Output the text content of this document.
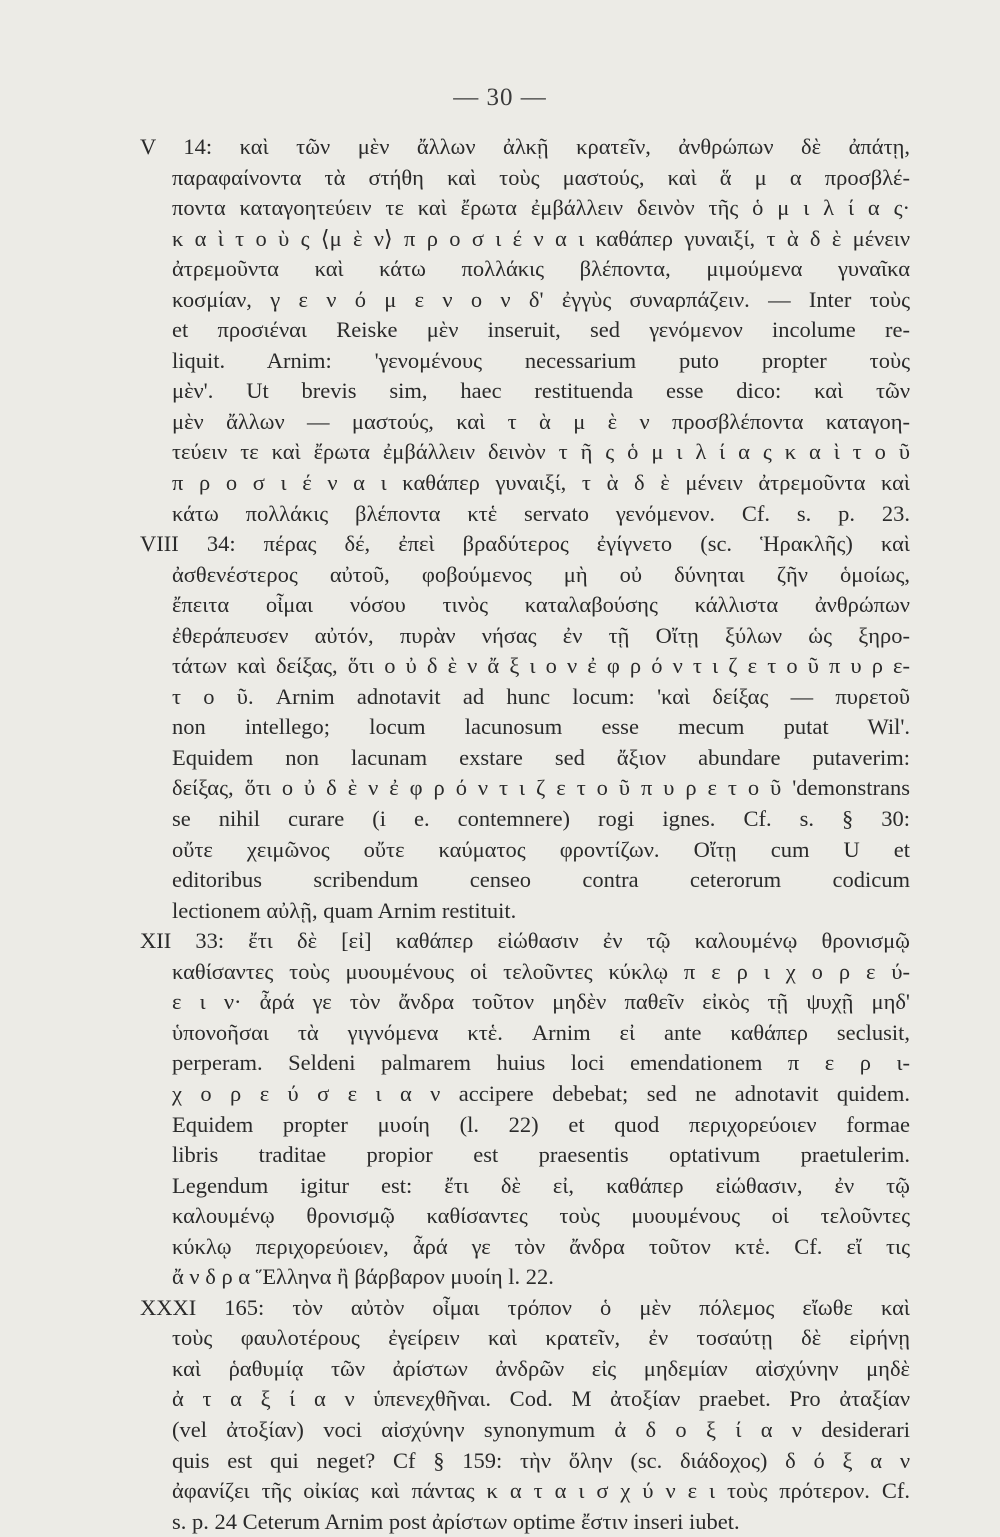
— 30 —
V 14: καὶ τῶν μὲν ἄλλων ἀλκῇ κρατεῖν, ἀνθρώπων δὲ ἀπάτῃ,
παραφαίνοντα τὰ στήθη καὶ τοὺς μαστούς, καὶ ἅ μ α προσβλέ-
ποντα καταγοητεύειν τε καὶ ἔρωτα ἐμβάλλειν δεινὸν τῆς ὁ μ ι λ ί α ς·
κ α ὶ τ ο ὺ ς ⟨μ ὲ ν⟩ π ρ ο σ ι έ ν α ι καθάπερ γυναιξί, τ ὰ δ ὲ μένειν
ἀτρεμοῦντα καὶ κάτω πολλάκις βλέποντα, μιμούμενα γυναῖκα
κοσμίαν, γ ε ν ό μ ε ν ο ν δ' ἐγγὺς συναρπάζειν. — Inter τοὺς
et προσιέναι Reiske μὲν inseruit, sed γενόμενον incolume re-
liquit. Arnim: 'γενομένους necessarium puto propter τοὺς
μὲν'. Ut brevis sim, haec restituenda esse dico: καὶ τῶν
μὲν ἄλλων — μαστούς, καὶ τ ὰ μ ὲ ν προσβλέποντα καταγοη-
τεύειν τε καὶ ἔρωτα ἐμβάλλειν δεινὸν τ ῆ ς ὁ μ ι λ ί α ς κ α ὶ τ ο ῦ
π ρ ο σ ι έ ν α ι καθάπερ γυναιξί, τ ὰ δ ὲ μένειν ἀτρεμοῦντα καὶ
κάτω πολλάκις βλέποντα κτἑ servato γενόμενον. Cf. s. p. 23.
VIII 34: πέρας δέ, ἐπεὶ βραδύτερος ἐγίγνετο (sc. Ἡρακλῆς) καὶ
ἀσθενέστερος αὐτοῦ, φοβούμενος μὴ οὐ δύνηται ζῆν ὁμοίως,
ἔπειτα οἶμαι νόσου τινὸς καταλαβούσης κάλλιστα ἀνθρώπων
ἐθεράπευσεν αὐτόν, πυρὰν νήσας ἐν τῇ Οἴτῃ ξύλων ὡς ξηρο-
τάτων καὶ δείξας, ὅτι ο ὐ δ ὲ ν ἄ ξ ι ο ν ἐ φ ρ ό ν τ ι ζ ε τ ο ῦ π υ ρ ε-
τ ο ῦ. Arnim adnotavit ad hunc locum: 'καὶ δείξας — πυρετοῦ
non intellego; locum lacunosum esse mecum putat Wil'.
Equidem non lacunam exstare sed ἄξιον abundare putaverim:
δείξας, ὅτι ο ὐ δ ὲ ν ἐ φ ρ ό ν τ ι ζ ε τ ο ῦ π υ ρ ε τ ο ῦ 'demonstrans
se nihil curare (i e. contemnere) rogi ignes. Cf. s. § 30:
οὔτε χειμῶνος οὔτε καύματος φροντίζων. Οἴτῃ cum U et
editoribus scribendum censeo contra ceterorum codicum
lectionem αὐλῇ, quam Arnim restituit.
XII 33: ἔτι δὲ [εἰ] καθάπερ εἰώθασιν ἐν τῷ καλουμένῳ θρονισμῷ
καθίσαντες τοὺς μυουμένους οἱ τελοῦντες κύκλῳ π ε ρ ι χ ο ρ ε ύ-
ε ι ν· ἆρά γε τὸν ἄνδρα τοῦτον μηδὲν παθεῖν εἰκὸς τῇ ψυχῇ μηδ'
ὑπονοῆσαι τὰ γιγνόμενα κτἑ. Arnim εἰ ante καθάπερ seclusit,
perperam. Seldeni palmarem huius loci emendationem π ε ρ ι-
χ ο ρ ε ύ σ ε ι α ν accipere debebat; sed ne adnotavit quidem.
Equidem propter μυοίη (l. 22) et quod περιχορεύοιεν formae
libris traditae propior est praesentis optativum praetulerim.
Legendum igitur est: ἔτι δὲ εἰ, καθάπερ εἰώθασιν, ἐν τῷ
καλουμένῳ θρονισμῷ καθίσαντες τοὺς μυουμένους οἱ τελοῦντες
κύκλῳ περιχορεύοιεν, ἆρά γε τὸν ἄνδρα τοῦτον κτἑ. Cf. εἴ τις
ἄ ν δ ρ α Ἕλληνα ἢ βάρβαρον μυοίη l. 22.
XXXI 165: τὸν αὐτὸν οἶμαι τρόπον ὁ μὲν πόλεμος εἴωθε καὶ
τοὺς φαυλοτέρους ἐγείρειν καὶ κρατεῖν, ἐν τοσαύτῃ δὲ εἰρήνῃ
καὶ ῥαθυμίᾳ τῶν ἀρίστων ἀνδρῶν εἰς μηδεμίαν αἰσχύνην μηδὲ
ἀ τ α ξ ί α ν ὑπενεχθῆναι. Cod. M ἀτοξίαν praebet. Pro ἀταξίαν
(vel ἀτοξίαν) voci αἰσχύνην synonymum ἀ δ ο ξ ί α ν desiderari
quis est qui neget? Cf § 159: τὴν ὅλην (sc. διάδοχος) δ ό ξ α ν
ἀφανίζει τῆς οἰκίας καὶ πάντας κ α τ α ι σ χ ύ ν ε ι τοὺς πρότερον. Cf.
s. p. 24 Ceterum Arnim post ἀρίστων optime ἔστιν inseri iubet.
